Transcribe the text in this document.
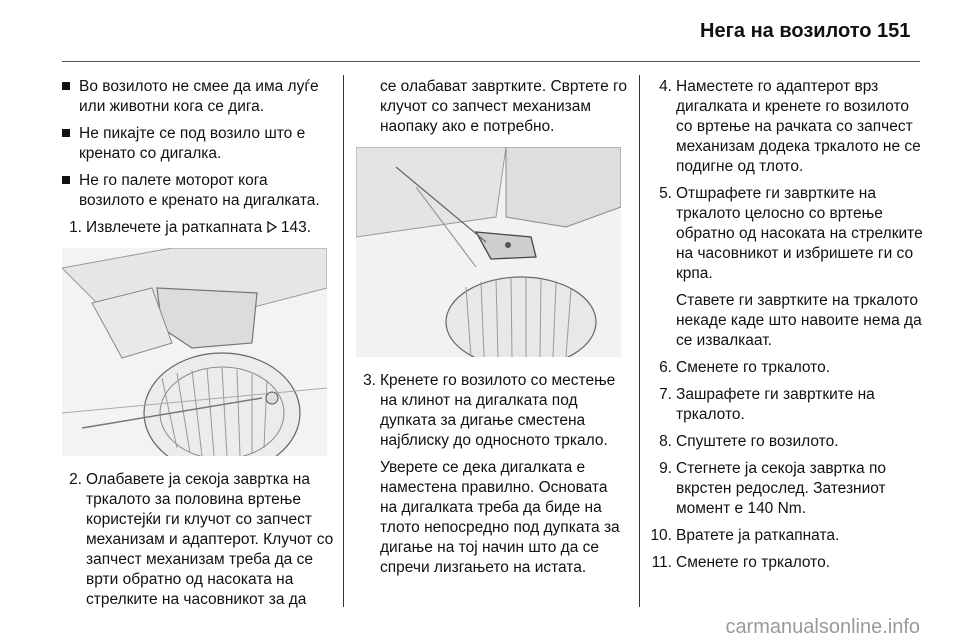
Нега на возилото 151
Во возилото не смее да има луѓе или животни кога се дига.
Не пикајте се под возило што е кренато со дигалка.
Не го палете моторот кога возилото е кренато на дигалката.
1. Извлечете ја раткапната 143.
2. Олабавете ја секоја завртка на тркалото за половина вртење користејќи ги клучот со запчест механизам и адаптерот. Клучот со запчест механизам треба да се врти обратно од насоката на стрелките на часовникот за да
се олабават завртките. Свртете го клучот со запчест механизам наопаку ако е потребно.
3. Кренете го возилото со местење на клинот на дигалката под дупката за дигање сместена најблиску до односното тркало.
Уверете се дека дигалката е наместена правилно. Основата на дигалката треба да биде на тлото непосредно под дупката за дигање на тој начин што да се спречи лизгањето на истата.
4. Наместете го адаптерот врз дигалката и кренете го возилото со вртење на рачката со запчест механизам додека тркалото не се подигне од тлото.
5. Отшрафете ги завртките на тркалото целосно со вртење обратно од насоката на стрелките на часовникот и избришете ги со крпа.
Ставете ги завртките на тркалото некаде каде што навоите нема да се извалкаат.
6. Сменете го тркалото.
7. Зашрафете ги завртките на тркалото.
8. Спуштете го возилото.
9. Стегнете ја секоја завртка по вкрстен редослед. Затезниот момент е 140 Nm.
10. Вратете ја раткапната.
11. Сменете го тркалото.
carmanualsonline.info
